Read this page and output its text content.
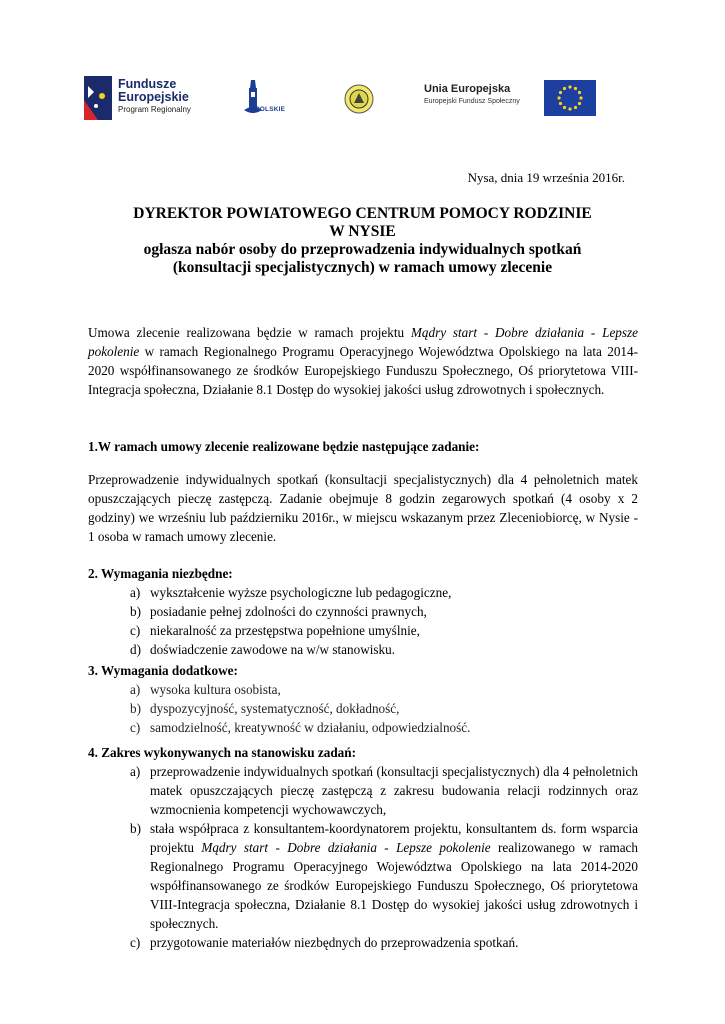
Fundusze
Europejskie
Program Regionalny	OPOLSKIE
Unia Europejska
Europejski Fundusz Społeczny
Nysa, dnia 19 września 2016r.
DYREKTOR POWIATOWEGO CENTRUM POMOCY RODZINIE
W NYSIE
ogłasza nabór osoby do przeprowadzenia indywidualnych spotkań
(konsultacji specjalistycznych) w ramach umowy zlecenie
Umowa zlecenie realizowana będzie w ramach projektu Mądry start - Dobre działania - Lepsze pokolenie w ramach Regionalnego Programu Operacyjnego Województwa Opolskiego na lata 2014-2020 współfinansowanego ze środków Europejskiego Funduszu Społecznego, Oś priorytetowa VIII-Integracja społeczna, Działanie 8.1 Dostęp do wysokiej jakości usług zdrowotnych i społecznych.
1.W ramach umowy zlecenie realizowane będzie następujące zadanie:
Przeprowadzenie indywidualnych spotkań (konsultacji specjalistycznych) dla 4 pełnoletnich matek opuszczających pieczę zastępczą. Zadanie obejmuje 8 godzin zegarowych spotkań (4 osoby x 2 godziny) we wrześniu lub październiku 2016r., w miejscu wskazanym przez Zleceniobiorcę, w Nysie - 1 osoba w ramach umowy zlecenie.
2. Wymagania niezbędne:
a) wykształcenie wyższe psychologiczne lub pedagogiczne,
b) posiadanie pełnej zdolności do czynności prawnych,
c) niekaralność za przestępstwa popełnione umyślnie,
d) doświadczenie zawodowe na w/w stanowisku.
3. Wymagania dodatkowe:
a) wysoka kultura osobista,
b) dyspozycyjność, systematyczność, dokładność,
c) samodzielność, kreatywność w działaniu, odpowiedzialność.
4. Zakres wykonywanych na stanowisku zadań:
a) przeprowadzenie indywidualnych spotkań (konsultacji specjalistycznych) dla 4 pełnoletnich matek opuszczających pieczę zastępczą z zakresu budowania relacji rodzinnych oraz wzmocnienia kompetencji wychowawczych,
b) stała współpraca z konsultantem-koordynatorem projektu, konsultantem ds. form wsparcia projektu Mądry start - Dobre działania - Lepsze pokolenie realizowanego w ramach Regionalnego Programu Operacyjnego Województwa Opolskiego na lata 2014-2020 współfinansowanego ze środków Europejskiego Funduszu Społecznego, Oś priorytetowa VIII-Integracja społeczna, Działanie 8.1 Dostęp do wysokiej jakości usług zdrowotnych i społecznych.
c) przygotowanie materiałów niezbędnych do przeprowadzenia spotkań.
